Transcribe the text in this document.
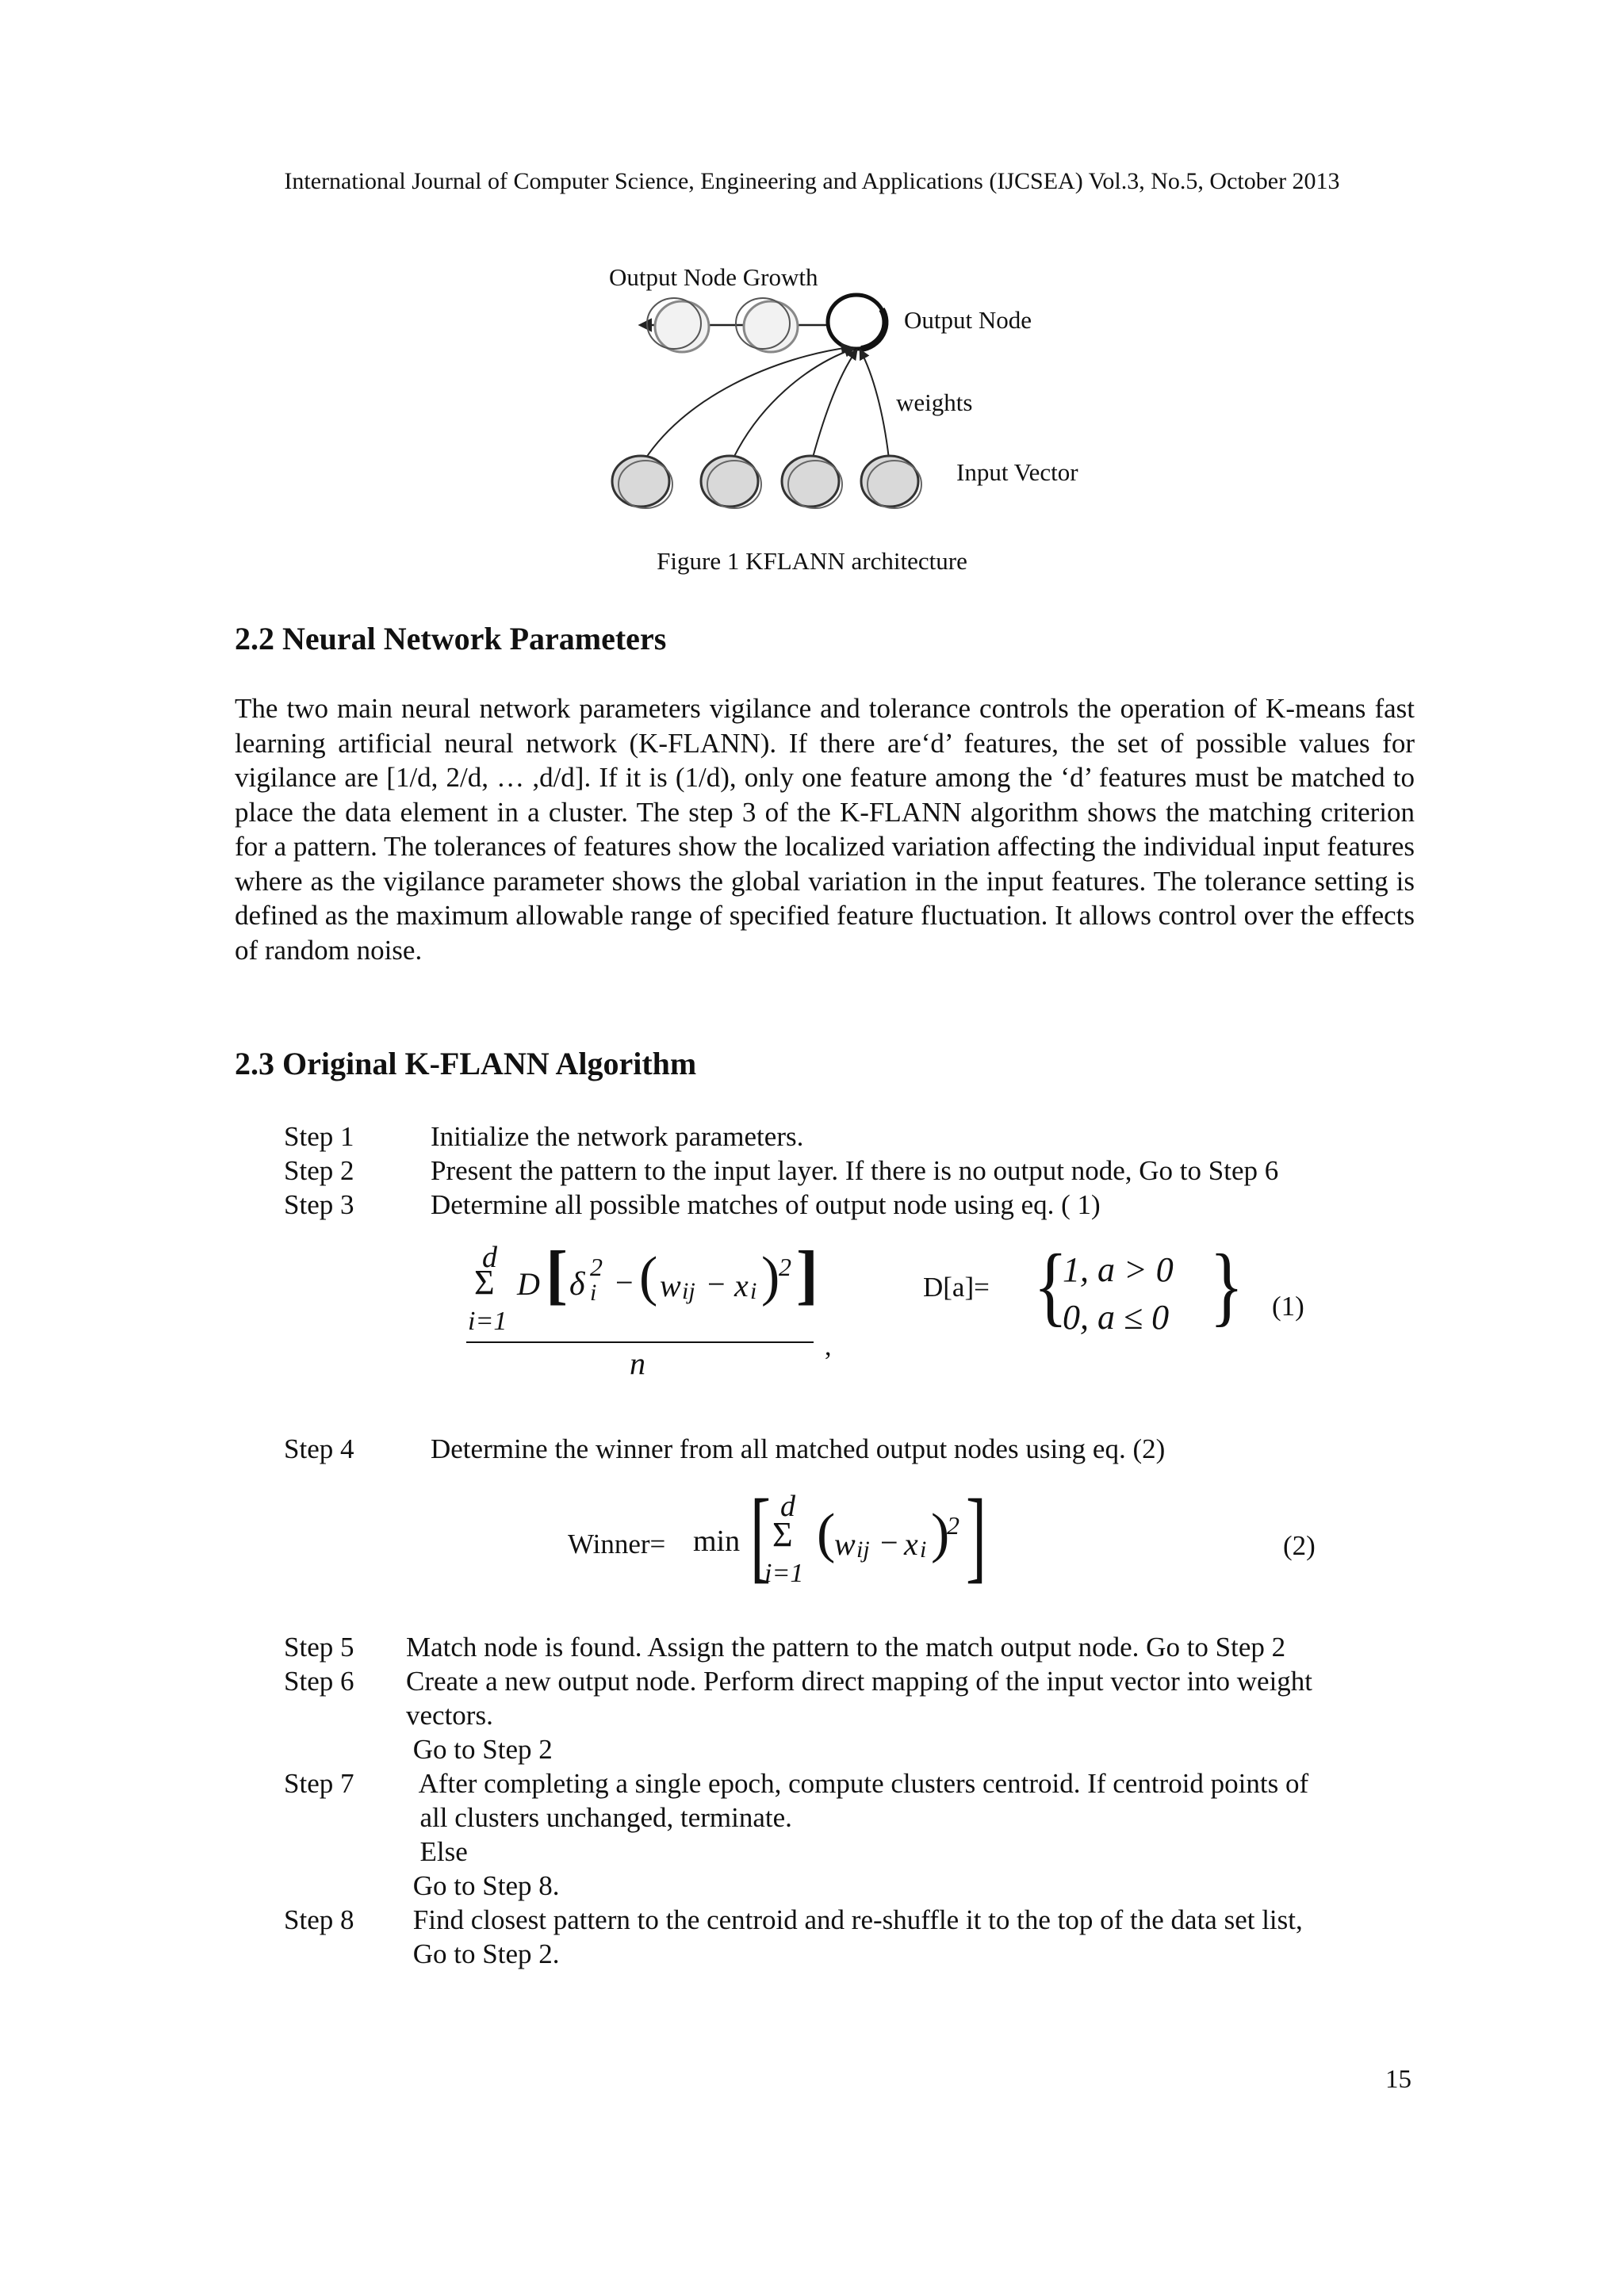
International Journal of Computer Science, Engineering and Applications (IJCSEA) Vol.3, No.5, October 2013
Output Node Growth
Output Node
weights
Input Vector
Figure 1 KFLANN architecture
2.2 Neural Network Parameters

The two main neural network parameters vigilance and tolerance controls the operation of K-means fast learning artificial neural network (K-FLANN). If there are‘d’ features, the set of possible values for vigilance are [1/d, 2/d, … ,d/d]. If it is (1/d), only one feature among the ‘d’ features must be matched to place the data element in a cluster. The step 3 of the K-FLANN algorithm shows the matching criterion for a pattern. The tolerances of features show the localized variation affecting the individual input features where as the vigilance parameter shows the global variation in the input features. The tolerance setting is defined as the maximum allowable range of specified feature fluctuation. It allows control over the effects of random noise.

2.3 Original K-FLANN Algorithm
Step 1	Initialize the network parameters.
Step 2	Present the pattern to the input layer. If there is no output node, Go to Step 6
Step 3	Determine all possible matches of output node using eq. ( 1)
d
Σ
i=1
D [ δ 2
i − ( w ij − x i )
2 ]
,
n
D[a]= {
1, a > 0
0, a ≤ 0 } (1)
Step 4	Determine the winner from all matched output nodes using eq. (2)
Winner= min [ d
Σ
i=1
(
w ij − x i )
2 ]	(2)
Step 5 Match node is found. Assign the pattern to the match output node. Go to Step 2
Step 6 Create a new output node. Perform direct mapping of the input vector into weight
vectors.
Go to Step 2
Step 7 After completing a single epoch, compute clusters centroid. If centroid points of
all clusters unchanged, terminate.
Else
Go to Step 8.
Step 8 Find closest pattern to the centroid and re-shuffle it to the top of the data set list,
Go to Step 2.
15
